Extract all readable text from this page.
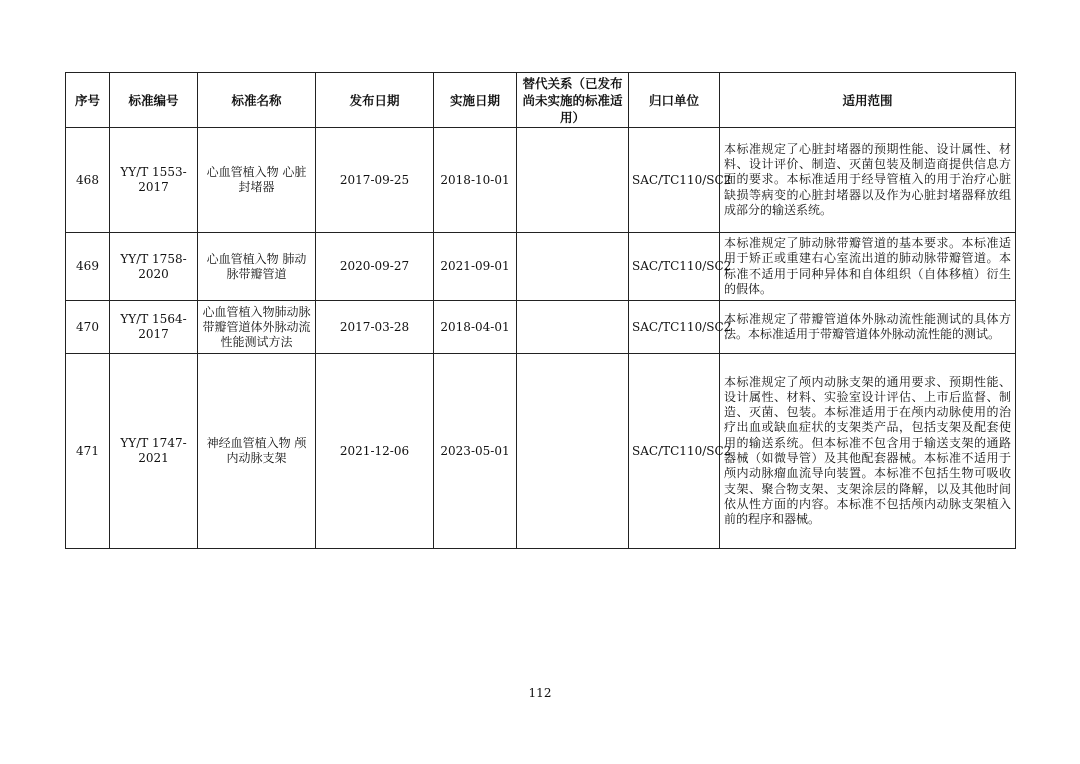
序号	标准编号	标准名称	发布日期	实施日期	替代关系（已发布尚未实施的标准适用）	归口单位	适用范围
468	YY/T 1553-2017	心血管植入物 心脏封堵器	2017-09-25	2018-10-01		SAC/TC110/SC2	本标准规定了心脏封堵器的预期性能、设计属性、材料、设计评价、制造、灭菌包装及制造商提供信息方面的要求。本标准适用于经导管植入的用于治疗心脏缺损等病变的心脏封堵器以及作为心脏封堵器释放组成部分的输送系统。
469	YY/T 1758-2020	心血管植入物 肺动脉带瓣管道	2020-09-27	2021-09-01		SAC/TC110/SC2	本标准规定了肺动脉带瓣管道的基本要求。本标准适用于矫正或重建右心室流出道的肺动脉带瓣管道。本标准不适用于同种异体和自体组织（自体移植）衍生的假体。
470	YY/T 1564-2017	心血管植入物肺动脉带瓣管道体外脉动流性能测试方法	2017-03-28	2018-04-01		SAC/TC110/SC2	本标准规定了带瓣管道体外脉动流性能测试的具体方法。本标准适用于带瓣管道体外脉动流性能的测试。
471	YY/T 1747-2021	神经血管植入物 颅内动脉支架	2021-12-06	2023-05-01		SAC/TC110/SC2	本标准规定了颅内动脉支架的通用要求、预期性能、设计属性、材料、实验室设计评估、上市后监督、制造、灭菌、包装。本标准适用于在颅内动脉使用的治疗出血或缺血症状的支架类产品，包括支架及配套使用的输送系统。但本标准不包含用于输送支架的通路器械（如微导管）及其他配套器械。本标准不适用于颅内动脉瘤血流导向装置。本标准不包括生物可吸收支架、聚合物支架、支架涂层的降解，以及其他时间依从性方面的内容。本标准不包括颅内动脉支架植入前的程序和器械。
112
